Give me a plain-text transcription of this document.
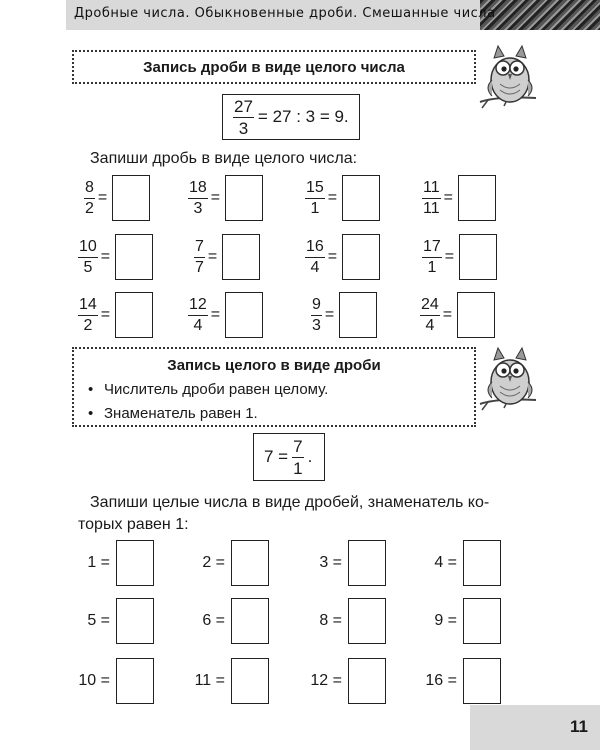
Дробные числа. Обыкновенные дроби. Смешанные числа
Запись дроби в виде целого числа
$\frac{27}{3} = 27$ : 3 = 9.
Запиши дробь в виде целого числа:
$\frac{8}{2}$ =	$\frac{18}{3}$ =	$\frac{15}{1}$ =	$\frac{11}{11}$ =
$\frac{10}{5}$ =	$\frac{7}{7}$ =	$\frac{16}{4}$ =	$\frac{17}{1}$ =
$\frac{14}{2}$ =	$\frac{12}{4}$ =	$\frac{9}{3}$ =	$\frac{24}{4}$ =
Запись целого в виде дроби
• Числитель дроби равен целому.
• Знаменатель равен 1.
$7 = \frac{7}{1}$ .
Запиши целые числа в виде дробей, знаменатель ко-
торых равен 1:
1 =	2 =	3 =	4 =
5 =	6 =	8 =	9 =
10 =	11 =	12 =	16 =
11
